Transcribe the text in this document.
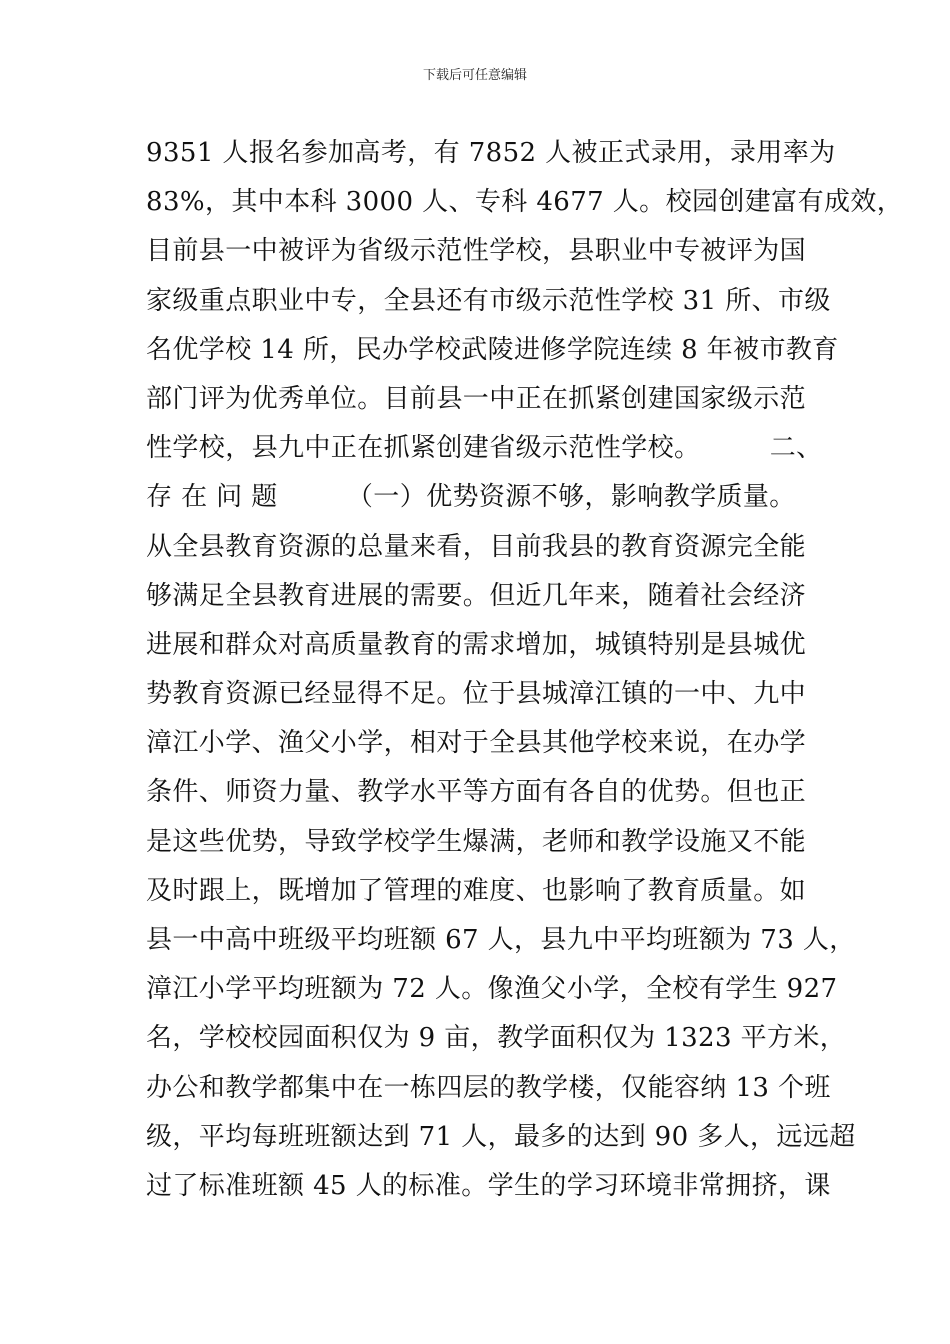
下载后可任意编辑
9351 人报名参加高考，有 7852 人被正式录用，录用率为
83%，其中本科 3000 人、专科 4677 人。校园创建富有成效，
目前县一中被评为省级示范性学校，县职业中专被评为国
家级重点职业中专，全县还有市级示范性学校 31 所、市级
名优学校 14 所，民办学校武陵进修学院连续 8 年被市教育
部门评为优秀单位。目前县一中正在抓紧创建国家级示范
性学校，县九中正在抓紧创建省级示范性学校。        二、
存 在 问 题        （一）优势资源不够，影响教学质量。
从全县教育资源的总量来看，目前我县的教育资源完全能
够满足全县教育进展的需要。但近几年来，随着社会经济
进展和群众对高质量教育的需求增加，城镇特别是县城优
势教育资源已经显得不足。位于县城漳江镇的一中、九中
漳江小学、渔父小学，相对于全县其他学校来说，在办学
条件、师资力量、教学水平等方面有各自的优势。但也正
是这些优势，导致学校学生爆满，老师和教学设施又不能
及时跟上，既增加了管理的难度、也影响了教育质量。如
县一中高中班级平均班额 67 人，县九中平均班额为 73 人，
漳江小学平均班额为 72 人。像渔父小学，全校有学生 927
名，学校校园面积仅为 9 亩，教学面积仅为 1323 平方米，
办公和教学都集中在一栋四层的教学楼，仅能容纳 13 个班
级，平均每班班额达到 71 人，最多的达到 90 多人，远远超
过了标准班额 45 人的标准。学生的学习环境非常拥挤，课
